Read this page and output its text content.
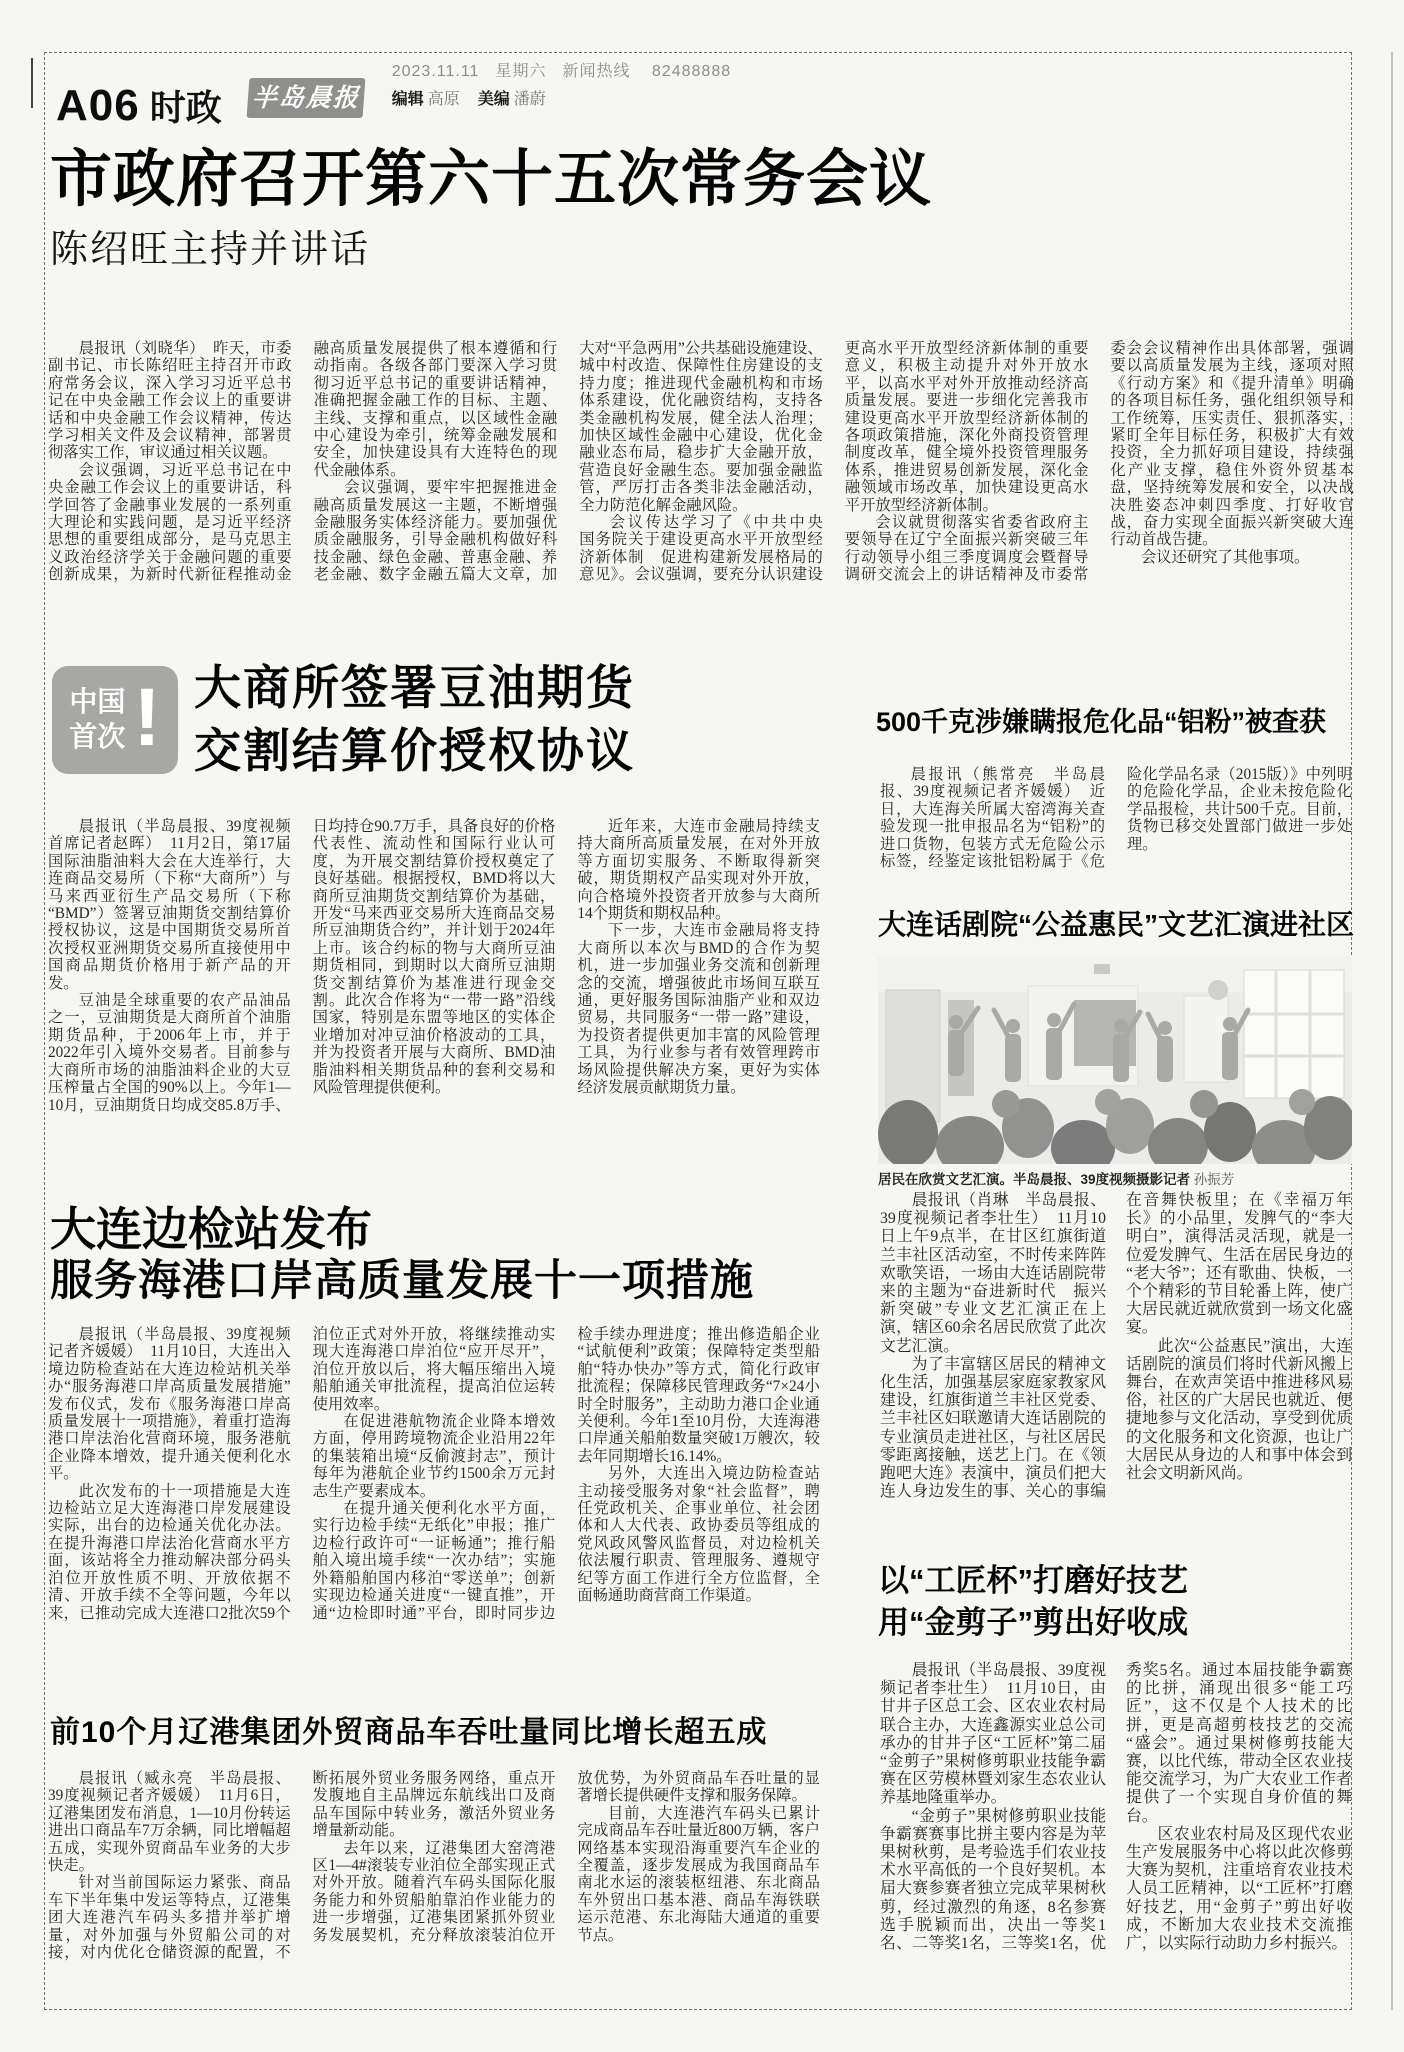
A06 时政 半岛晨报 2023.11.11 星期六 新闻热线 82488888
编辑 高原 美编 潘蔚
市政府召开第六十五次常务会议
陈绍旺主持并讲话

晨报讯（刘晓华）　昨天，市委副书记、市长陈绍旺主持召开市政府常务会议，深入学习习近平总书记在中央金融工作会议上的重要讲话和中央金融工作会议精神，传达学习相关文件及会议精神，部署贯彻落实工作，审议通过相关议题。

会议强调，习近平总书记在中央金融工作会议上的重要讲话，科学回答了金融事业发展的一系列重大理论和实践问题，是习近平经济思想的重要组成部分，是马克思主义政治经济学关于金融问题的重要创新成果，为新时代新征程推动金融高质量发展提供了根本遵循和行动指南。各级各部门要深入学习贯彻习近平总书记的重要讲话精神，准确把握金融工作的目标、主题、主线、支撑和重点，以区域性金融中心建设为牵引，统筹金融发展和安全，加快建设具有大连特色的现代金融体系。

会议强调，要牢牢把握推进金融高质量发展这一主题，不断增强金融服务实体经济能力。要加强优质金融服务，引导金融机构做好科技金融、绿色金融、普惠金融、养老金融、数字金融五篇大文章，加大对“平急两用”公共基础设施建设、城中村改造、保障性住房建设的支持力度；推进现代金融机构和市场体系建设，优化融资结构，支持各类金融机构发展，健全法人治理；加快区域性金融中心建设，优化金融业态布局，稳步扩大金融开放，营造良好金融生态。要加强金融监管，严厉打击各类非法金融活动，全力防范化解金融风险。

会议传达学习了《中共中央　国务院关于建设更高水平开放型经济新体制　促进构建新发展格局的意见》。会议强调，要充分认识建设更高水平开放型经济新体制的重要意义，积极主动提升对外开放水平，以高水平对外开放推动经济高质量发展。要进一步细化完善我市建设更高水平开放型经济新体制的各项政策措施，深化外商投资管理制度改革，健全境外投资管理服务体系，推进贸易创新发展，深化金融领域市场改革，加快建设更高水平开放型经济新体制。

会议就贯彻落实省委省政府主要领导在辽宁全面振兴新突破三年行动领导小组三季度调度会暨督导调研交流会上的讲话精神及市委常委会会议精神作出具体部署，强调要以高质量发展为主线，逐项对照《行动方案》和《提升清单》明确的各项目标任务，强化组织领导和工作统筹，压实责任、狠抓落实，紧盯全年目标任务，积极扩大有效投资，全力抓好项目建设，持续强化产业支撑，稳住外资外贸基本盘，坚持统筹发展和安全，以决战决胜姿态冲刺四季度、打好收官战，奋力实现全面振兴新突破大连行动首战告捷。

会议还研究了其他事项。

中国
首次 ! 大商所签署豆油期货
交割结算价授权协议

晨报讯（半岛晨报、39度视频首席记者赵晖）　11月2日，第17届国际油脂油料大会在大连举行，大连商品交易所（下称“大商所”）与马来西亚衍生产品交易所（下称“BMD”）签署豆油期货交割结算价授权协议，这是中国期货交易所首次授权亚洲期货交易所直接使用中国商品期货价格用于新产品的开发。

豆油是全球重要的农产品油品之一，豆油期货是大商所首个油脂期货品种，于2006年上市，并于2022年引入境外交易者。目前参与大商所市场的油脂油料企业的大豆压榨量占全国的90%以上。今年1—10月，豆油期货日均成交85.8万手、日均持仓90.7万手，具备良好的价格代表性、流动性和国际行业认可度，为开展交割结算价授权奠定了良好基础。根据授权，BMD将以大商所豆油期货交割结算价为基础，开发“马来西亚交易所大连商品交易所豆油期货合约”，并计划于2024年上市。该合约标的物与大商所豆油期货相同，到期时以大商所豆油期货交割结算价为基准进行现金交割。此次合作将为“一带一路”沿线国家，特别是东盟等地区的实体企业增加对冲豆油价格波动的工具，并为投资者开展与大商所、BMD油脂油料相关期货品种的套利交易和风险管理提供便利。

近年来，大连市金融局持续支持大商所高质量发展，在对外开放等方面切实服务、不断取得新突破，期货期权产品实现对外开放，向合格境外投资者开放参与大商所14个期货和期权品种。

下一步，大连市金融局将支持大商所以本次与BMD的合作为契机，进一步加强业务交流和创新理念的交流，增强彼此市场间互联互通，更好服务国际油脂产业和双边贸易，共同服务“一带一路”建设，为投资者提供更加丰富的风险管理工具，为行业参与者有效管理跨市场风险提供解决方案，更好为实体经济发展贡献期货力量。

500千克涉嫌瞒报危化品“铝粉”被查获

晨报讯（熊常亮　半岛晨报、39度视频记者齐媛媛）　近日，大连海关所属大窑湾海关查验发现一批申报品名为“铝粉”的进口货物，包装方式无危险公示标签，经鉴定该批铝粉属于《危险化学品名录（2015版）》中列明的危险化学品，企业未按危险化学品报检，共计500千克。目前，货物已移交处置部门做进一步处理。

大连话剧院“公益惠民”文艺汇演进社区
居民在欣赏文艺汇演。半岛晨报、39度视频摄影记者 孙振芳

晨报讯（肖琳　半岛晨报、39度视频记者李壮生）　11月10日上午9点半，在甘区红旗街道兰丰社区活动室，不时传来阵阵欢歌笑语，一场由大连话剧院带来的主题为“奋进新时代　振兴新突破”专业文艺汇演正在上演，辖区60余名居民欣赏了此次文艺汇演。

为了丰富辖区居民的精神文化生活，加强基层家庭家教家风建设，红旗街道兰丰社区党委、兰丰社区妇联邀请大连话剧院的专业演员走进社区，与社区居民零距离接触，送艺上门。在《领跑吧大连》表演中，演员们把大连人身边发生的事、关心的事编在音舞快板里；在《幸福万年长》的小品里，发脾气的“李大明白”，演得活灵活现，就是一位爱发脾气、生活在居民身边的“老大爷”；还有歌曲、快板，一个个精彩的节目轮番上阵，使广大居民就近就欣赏到一场文化盛宴。

此次“公益惠民”演出，大连话剧院的演员们将时代新风搬上舞台，在欢声笑语中推进移风易俗，社区的广大居民也就近、便捷地参与文化活动，享受到优质的文化服务和文化资源，也让广大居民从身边的人和事中体会到社会文明新风尚。

大连边检站发布
服务海港口岸高质量发展十一项措施

晨报讯（半岛晨报、39度视频记者齐媛媛）　11月10日，大连出入境边防检查站在大连边检站机关举办“服务海港口岸高质量发展措施”发布仪式，发布《服务海港口岸高质量发展十一项措施》，着重打造海港口岸法治化营商环境，服务港航企业降本增效，提升通关便利化水平。

此次发布的十一项措施是大连边检站立足大连海港口岸发展建设实际，出台的边检通关优化办法。在提升海港口岸法治化营商水平方面，该站将全力推动解决部分码头泊位开放性质不明、开放依据不清、开放手续不全等问题，今年以来，已推动完成大连港口2批次59个泊位正式对外开放，将继续推动实现大连海港口岸泊位“应开尽开”，泊位开放以后，将大幅压缩出入境船舶通关审批流程，提高泊位运转使用效率。

在促进港航物流企业降本增效方面，停用跨境物流企业沿用22年的集装箱出境“反偷渡封志”，预计每年为港航企业节约1500余万元封志生产要素成本。

在提升通关便利化水平方面，实行边检手续“无纸化”申报；推广边检行政许可“一证畅通”；推行船舶入境出境手续“一次办结”；实施外籍船舶国内移泊“零送单”；创新实现边检通关进度“一键直推”，开通“边检即时通”平台，即时同步边检手续办理进度；推出修造船企业“试航便利”政策；保障特定类型船舶“特办快办”等方式，简化行政审批流程；保障移民管理政务“7×24小时全时服务”，主动助力港口企业通关便利。今年1至10月份，大连海港口岸通关船舶数量突破1万艘次，较去年同期增长16.14%。

另外，大连出入境边防检查站主动接受服务对象“社会监督”，聘任党政机关、企事业单位、社会团体和人大代表、政协委员等组成的党风政风警风监督员，对边检机关依法履行职责、管理服务、遵规守纪等方面工作进行全方位监督，全面畅通助商营商工作渠道。

前10个月辽港集团外贸商品车吞吐量同比增长超五成

晨报讯（臧永亮　半岛晨报、39度视频记者齐媛媛）　11月6日，辽港集团发布消息，1—10月份转运进出口商品车7万余辆，同比增幅超五成，实现外贸商品车业务的大步快走。

针对当前国际运力紧张、商品车下半年集中发运等特点，辽港集团大连港汽车码头多措并举扩增量，对外加强与外贸船公司的对接，对内优化仓储资源的配置，不断拓展外贸业务服务网络，重点开发腹地自主品牌远东航线出口及商品车国际中转业务，激活外贸业务增量新动能。

去年以来，辽港集团大窑湾港区1—4#滚装专业泊位全部实现正式对外开放。随着汽车码头国际化服务能力和外贸船舶靠泊作业能力的进一步增强，辽港集团紧抓外贸业务发展契机，充分释放滚装泊位开放优势，为外贸商品车吞吐量的显著增长提供硬件支撑和服务保障。

目前，大连港汽车码头已累计完成商品车吞吐量近800万辆，客户网络基本实现沿海重要汽车企业的全覆盖，逐步发展成为我国商品车南北水运的滚装枢纽港、东北商品车外贸出口基本港、商品车海铁联运示范港、东北海陆大通道的重要节点。

以“工匠杯”打磨好技艺
用“金剪子”剪出好收成

晨报讯（半岛晨报、39度视频记者李壮生）　11月10日，由甘井子区总工会、区农业农村局联合主办，大连鑫源实业总公司承办的甘井子区“工匠杯”第二届“金剪子”果树修剪职业技能争霸赛在区劳模林暨刘家生态农业认养基地隆重举办。

“金剪子”果树修剪职业技能争霸赛赛事比拼主要内容是为苹果树秋剪，是考验选手们农业技术水平高低的一个良好契机。本届大赛参赛者独立完成苹果树秋剪，经过激烈的角逐，8名参赛选手脱颖而出，决出一等奖1名、二等奖1名，三等奖1名，优秀奖5名。通过本届技能争霸赛的比拼，涌现出很多“能工巧匠”，这不仅是个人技术的比拼，更是高超剪枝技艺的交流“盛会”。通过果树修剪技能大赛，以比代练，带动全区农业技能交流学习，为广大农业工作者提供了一个实现自身价值的舞台。

区农业农村局及区现代农业生产发展服务中心将以此次修剪大赛为契机，注重培育农业技术人员工匠精神，以“工匠杯”打磨好技艺，用“金剪子”剪出好收成，不断加大农业技术交流推广，以实际行动助力乡村振兴。
